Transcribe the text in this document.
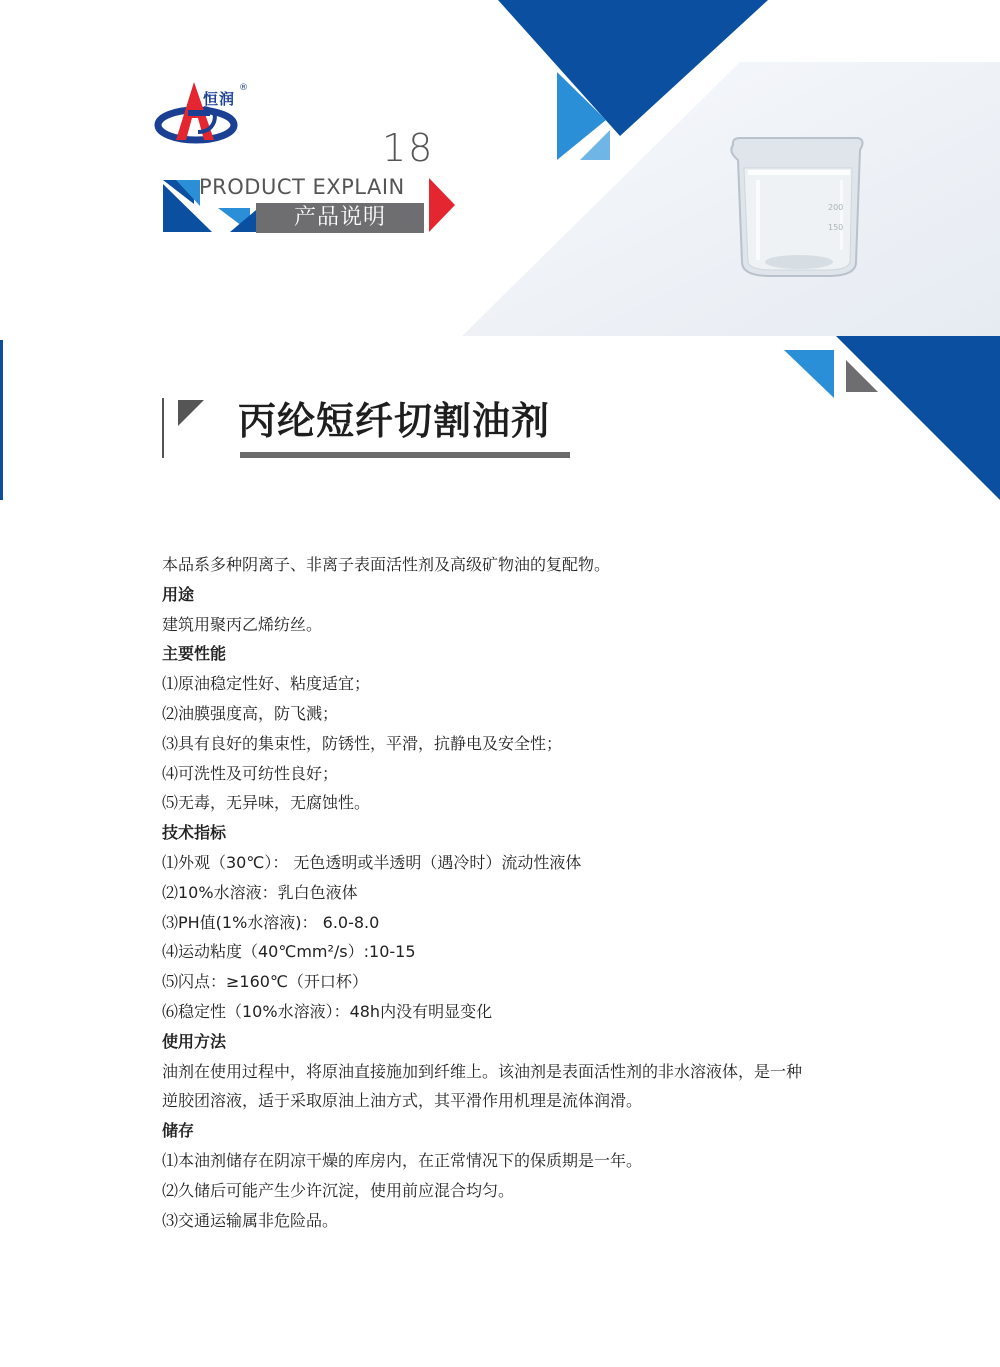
200
150
恒润
®
18
PRODUCT EXPLAIN
产品说明
丙纶短纤切割油剂
本品系多种阴离子、非离子表面活性剂及高级矿物油的复配物。
用途
建筑用聚丙乙烯纺丝。
主要性能
⑴原油稳定性好、粘度适宜；
⑵油膜强度高，防飞溅；
⑶具有良好的集束性，防锈性，平滑，抗静电及安全性；
⑷可洗性及可纺性良好；
⑸无毒，无异味，无腐蚀性。
技术指标
⑴外观（30℃）： 无色透明或半透明（遇冷时）流动性液体
⑵10%水溶液：乳白色液体
⑶PH值(1%水溶液)： 6.0-8.0
⑷运动粘度（40℃mm²/s）:10-15
⑸闪点：≥160℃（开口杯）
⑹稳定性（10%水溶液）：48h内没有明显变化
使用方法
油剂在使用过程中，将原油直接施加到纤维上。该油剂是表面活性剂的非水溶液体，是一种
逆胶团溶液，适于采取原油上油方式，其平滑作用机理是流体润滑。
储存
⑴本油剂储存在阴凉干燥的库房内，在正常情况下的保质期是一年。
⑵久储后可能产生少许沉淀，使用前应混合均匀。
⑶交通运输属非危险品。
